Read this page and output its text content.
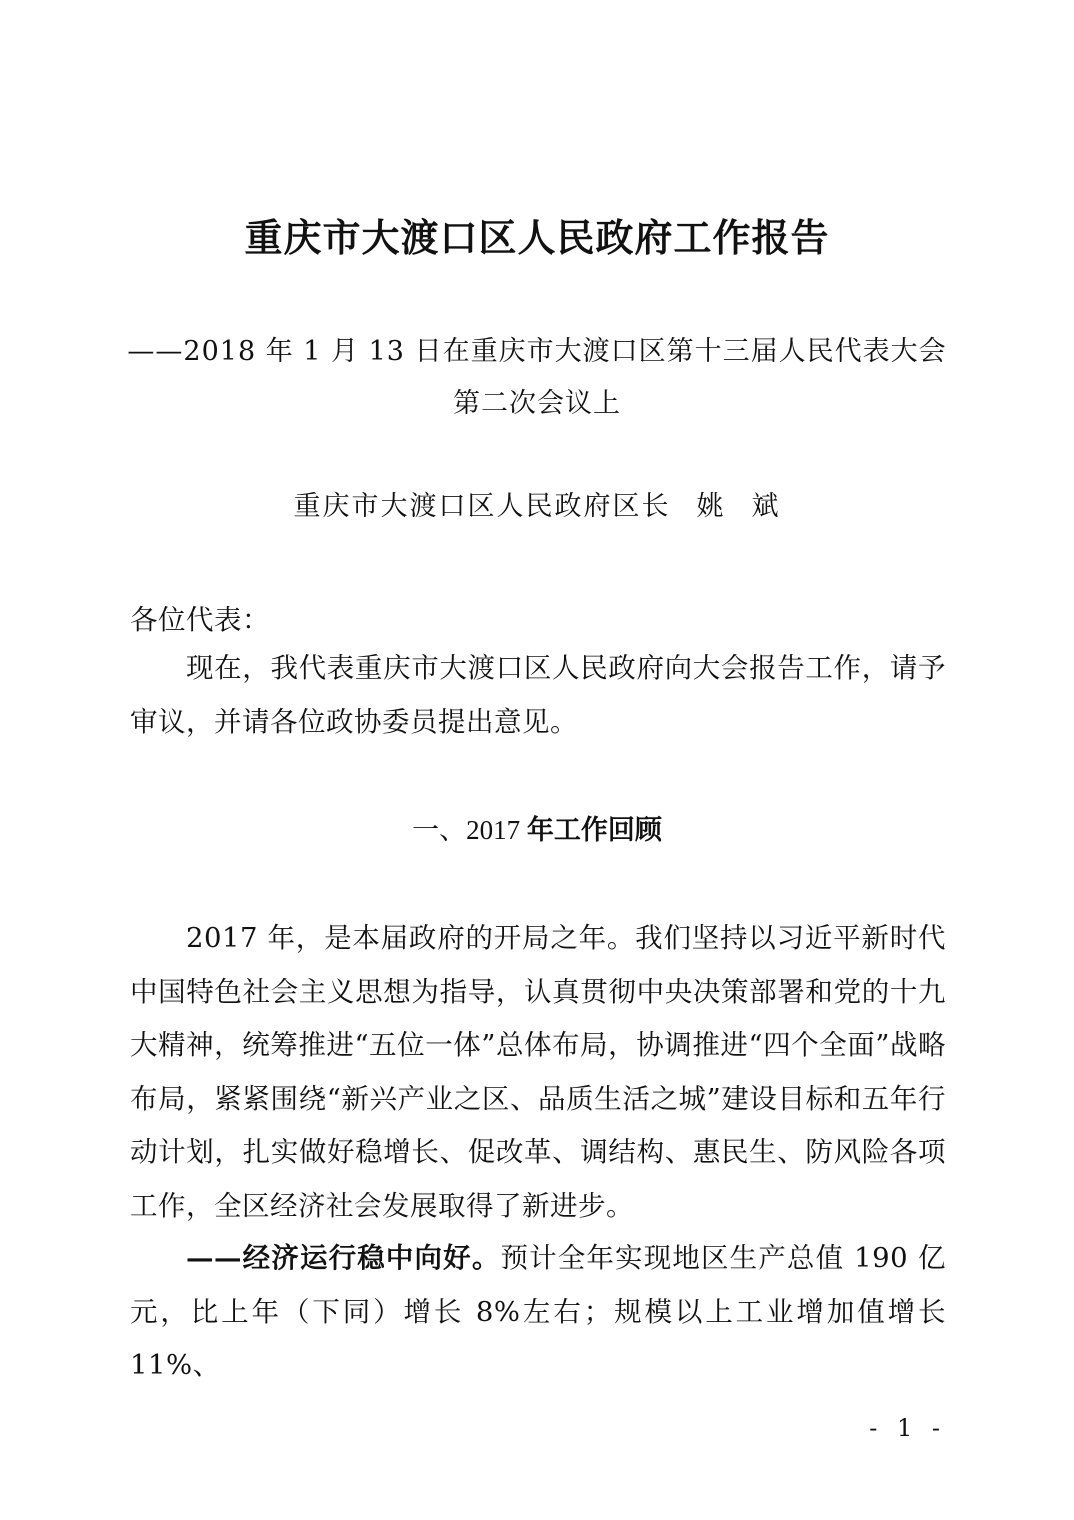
重庆市大渡口区人民政府工作报告
——2018 年 1 月 13 日在重庆市大渡口区第十三届人民代表大会
第二次会议上
重庆市大渡口区人民政府区长 姚 斌
各位代表：
现在，我代表重庆市大渡口区人民政府向大会报告工作，请予审议，并请各位政协委员提出意见。
一、2017 年工作回顾
2017 年，是本届政府的开局之年。我们坚持以习近平新时代中国特色社会主义思想为指导，认真贯彻中央决策部署和党的十九大精神，统筹推进“五位一体”总体布局，协调推进“四个全面”战略布局，紧紧围绕“新兴产业之区、品质生活之城”建设目标和五年行动计划，扎实做好稳增长、促改革、调结构、惠民生、防风险各项工作，全区经济社会发展取得了新进步。
——经济运行稳中向好。预计全年实现地区生产总值 190 亿元，比上年（下同）增长 8%左右；规模以上工业增加值增长 11%、
- 1 -
